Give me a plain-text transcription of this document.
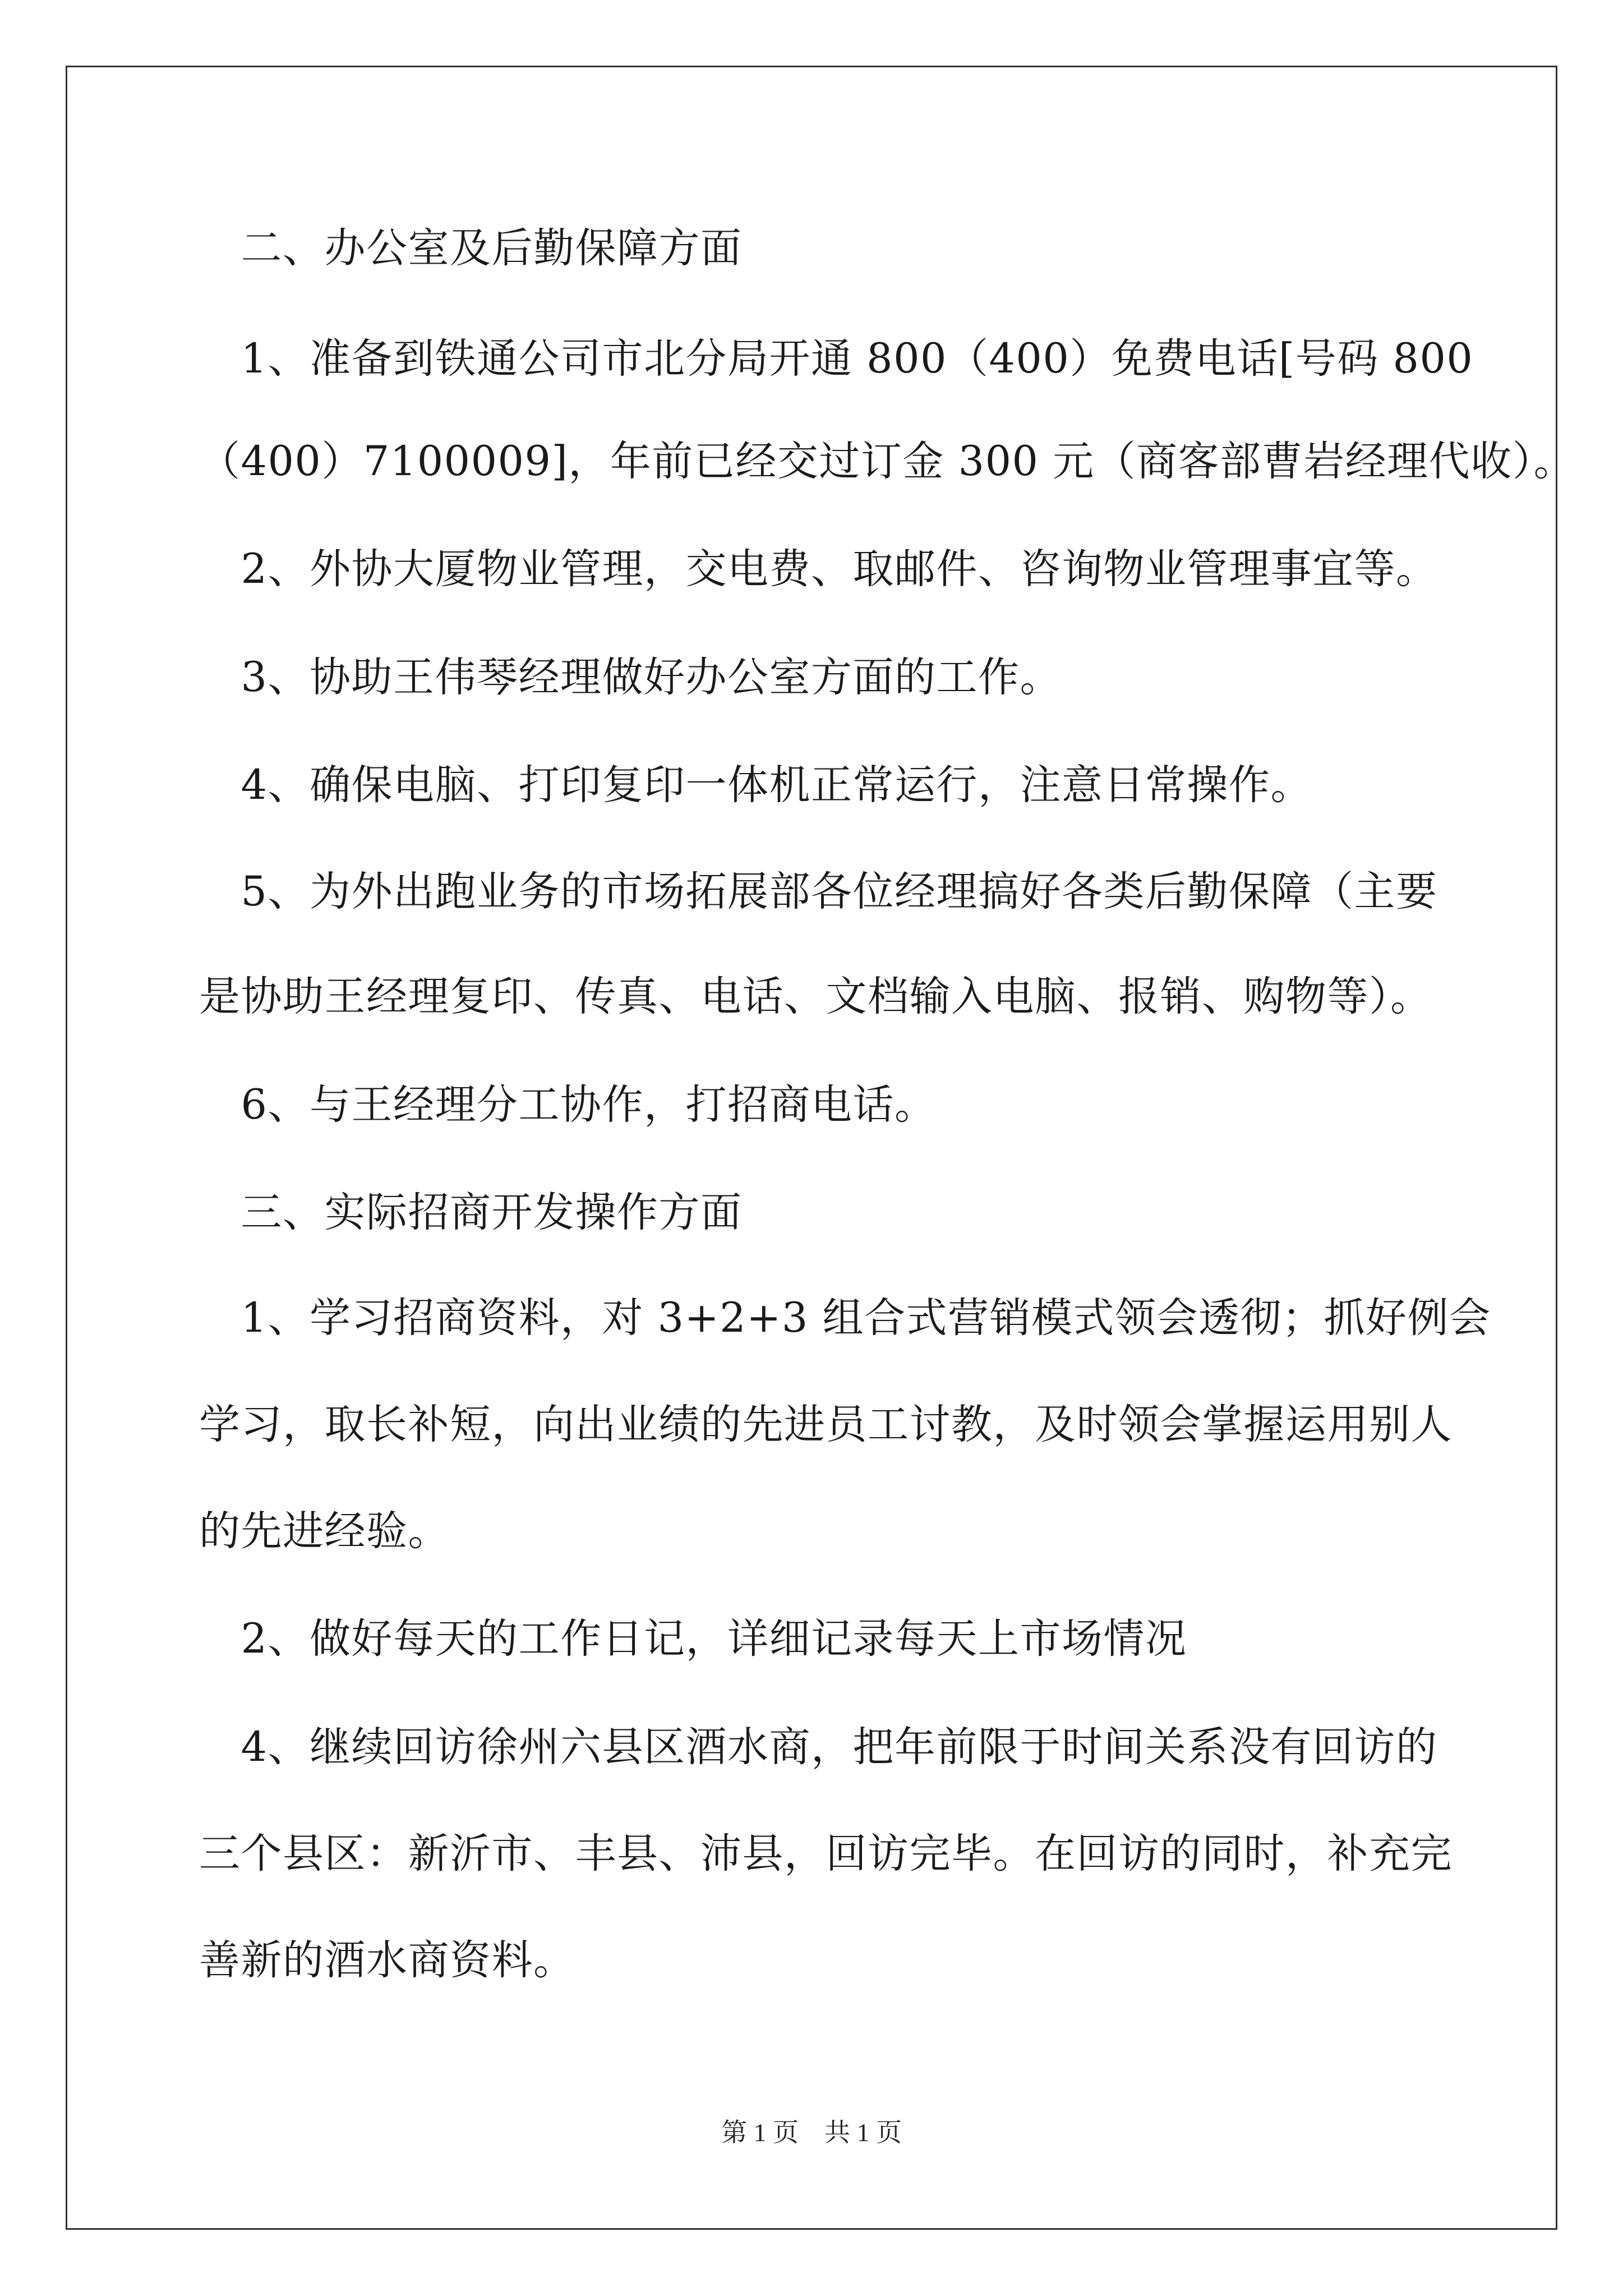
　二、办公室及后勤保障方面
　1、准备到铁通公司市北分局开通 800（400）免费电话[号码 800
（400）7100009]，年前已经交过订金 300 元（商客部曹岩经理代收）。
　2、外协大厦物业管理，交电费、取邮件、咨询物业管理事宜等。
　3、协助王伟琴经理做好办公室方面的工作。
　4、确保电脑、打印复印一体机正常运行，注意日常操作。
　5、为外出跑业务的市场拓展部各位经理搞好各类后勤保障（主要
是协助王经理复印、传真、电话、文档输入电脑、报销、购物等）。
　6、与王经理分工协作，打招商电话。
　三、实际招商开发操作方面
　1、学习招商资料，对 3+2+3 组合式营销模式领会透彻；抓好例会
学习，取长补短，向出业绩的先进员工讨教，及时领会掌握运用别人
的先进经验。
　2、做好每天的工作日记，详细记录每天上市场情况
　4、继续回访徐州六县区酒水商，把年前限于时间关系没有回访的
三个县区：新沂市、丰县、沛县，回访完毕。在回访的同时，补充完
善新的酒水商资料。
第 1 页　共 1 页
